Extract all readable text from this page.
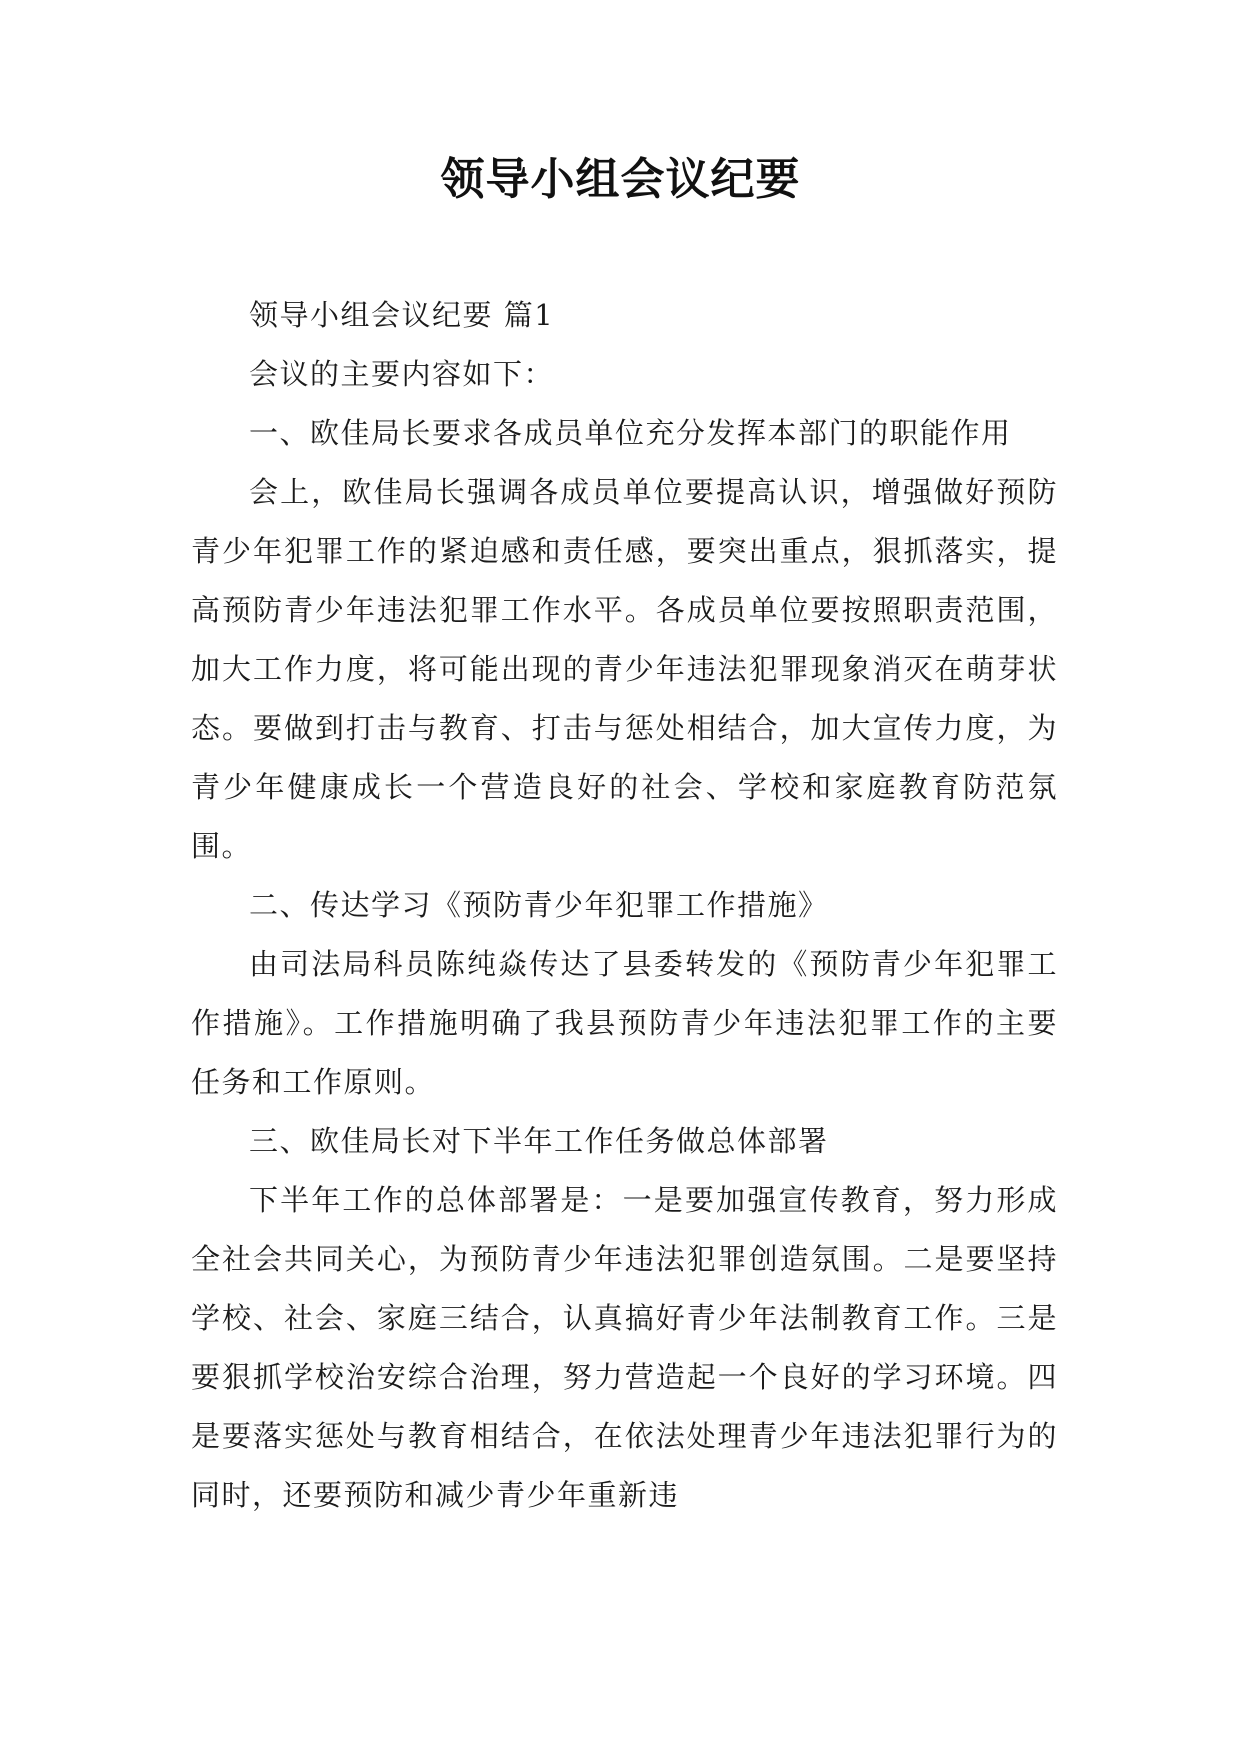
领导小组会议纪要

领导小组会议纪要 篇1

会议的主要内容如下：

一、欧佳局长要求各成员单位充分发挥本部门的职能作用

会上，欧佳局长强调各成员单位要提高认识，增强做好预防青少年犯罪工作的紧迫感和责任感，要突出重点，狠抓落实，提高预防青少年违法犯罪工作水平。各成员单位要按照职责范围，加大工作力度，将可能出现的青少年违法犯罪现象消灭在萌芽状态。要做到打击与教育、打击与惩处相结合，加大宣传力度，为青少年健康成长一个营造良好的社会、学校和家庭教育防范氛围。

二、传达学习《预防青少年犯罪工作措施》

由司法局科员陈纯焱传达了县委转发的《预防青少年犯罪工作措施》。工作措施明确了我县预防青少年违法犯罪工作的主要任务和工作原则。

三、欧佳局长对下半年工作任务做总体部署

下半年工作的总体部署是：一是要加强宣传教育，努力形成全社会共同关心，为预防青少年违法犯罪创造氛围。二是要坚持学校、社会、家庭三结合，认真搞好青少年法制教育工作。三是要狠抓学校治安综合治理，努力营造起一个良好的学习环境。四是要落实惩处与教育相结合，在依法处理青少年违法犯罪行为的同时，还要预防和减少青少年重新违
